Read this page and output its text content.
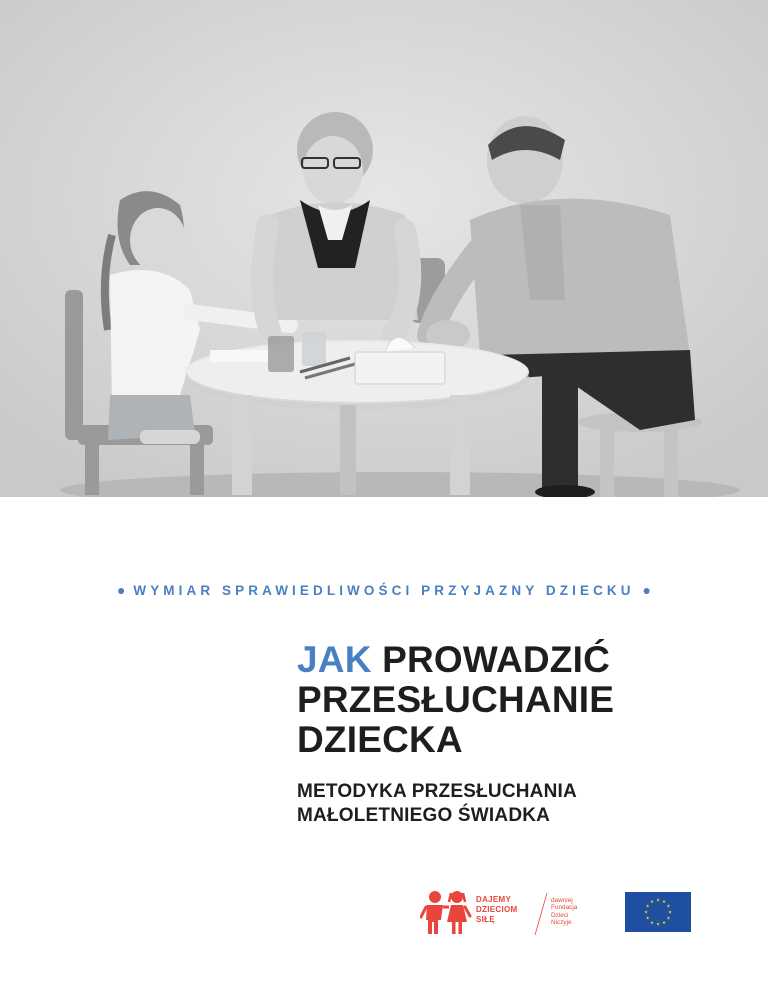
● WYMIAR SPRAWIEDLIWOŚCI PRZYJAZNY DZIECKU ●
JAK PROWADZIĆ
PRZESŁUCHANIE
DZIECKA
METODYKA PRZESŁUCHANIA
MAŁOLETNIEGO ŚWIADKA
DAJEMY
DZIECIOM
SIŁĘ
dawniej
Fundacja
Dzieci
Niczyje
★ ★
★
★
★
★
★
★
★
★
★
★
